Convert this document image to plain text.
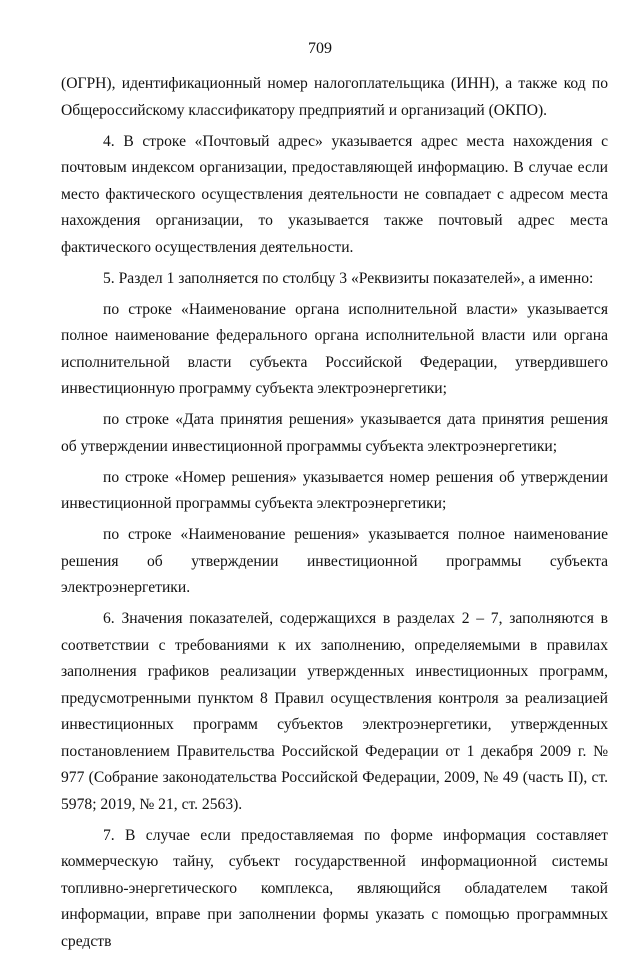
709

(ОГРН), идентификационный номер налогоплательщика (ИНН), а также код по Общероссийскому классификатору предприятий и организаций (ОКПО).

4. В строке «Почтовый адрес» указывается адрес места нахождения с почтовым индексом организации, предоставляющей информацию. В случае если место фактического осуществления деятельности не совпадает с адресом места нахождения организации, то указывается также почтовый адрес места фактического осуществления деятельности.

5. Раздел 1 заполняется по столбцу 3 «Реквизиты показателей», а именно:

по строке «Наименование органа исполнительной власти» указывается полное наименование федерального органа исполнительной власти или органа исполнительной власти субъекта Российской Федерации, утвердившего инвестиционную программу субъекта электроэнергетики;

по строке «Дата принятия решения» указывается дата принятия решения об утверждении инвестиционной программы субъекта электроэнергетики;

по строке «Номер решения» указывается номер решения об утверждении инвестиционной программы субъекта электроэнергетики;

по строке «Наименование решения» указывается полное наименование решения об утверждении инвестиционной программы субъекта электроэнергетики.

6. Значения показателей, содержащихся в разделах 2 – 7, заполняются в соответствии с требованиями к их заполнению, определяемыми в правилах заполнения графиков реализации утвержденных инвестиционных программ, предусмотренными пунктом 8 Правил осуществления контроля за реализацией инвестиционных программ субъектов электроэнергетики, утвержденных постановлением Правительства Российской Федерации от 1 декабря 2009 г. № 977 (Собрание законодательства Российской Федерации, 2009, № 49 (часть II), ст. 5978; 2019, № 21, ст. 2563).

7. В случае если предоставляемая по форме информация составляет коммерческую тайну, субъект государственной информационной системы топливно-энергетического комплекса, являющийся обладателем такой информации, вправе при заполнении формы указать с помощью программных средств
